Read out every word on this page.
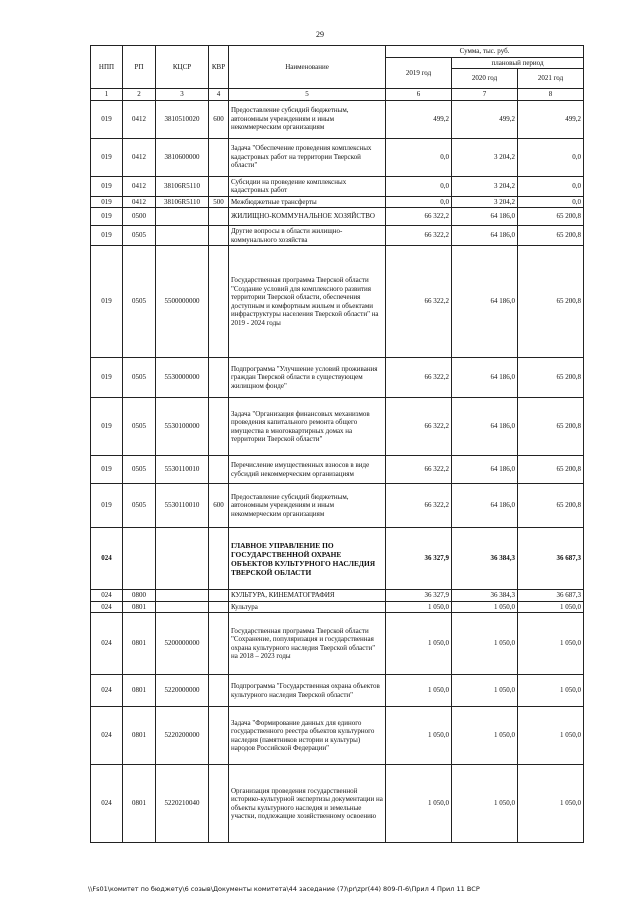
29
НПП	РП	КЦСР	КВР	Наименование	Сумма, тыс. руб.		
					2019 год	плановый период	
						2020 год	2021 год
1	2	3	4	5	6	7	8
019	0412	3810510020	600	Предоставление субсидий бюджетным, автономным учреждениям и иным некоммерческим организациям	499,2	499,2	499,2
019	0412	3810600000		Задача "Обеспечение проведения комплексных кадастровых работ на территории Тверской области"	0,0	3 204,2	0,0
019	0412	38106R5110		Субсидии на проведение комплексных кадастровых работ	0,0	3 204,2	0,0
019	0412	38106R5110	500	Межбюджетные трансферты	0,0	3 204,2	0,0
019	0500			ЖИЛИЩНО-КОММУНАЛЬНОЕ ХОЗЯЙСТВО	66 322,2	64 186,0	65 200,8
019	0505			Другие вопросы в области жилищно-коммунального хозяйства	66 322,2	64 186,0	65 200,8
019	0505	5500000000		Государственная программа Тверской области "Создание условий для комплексного развития территории Тверской области, обеспечения доступным и комфортным жильем и объектами инфраструктуры населения Тверской области" на 2019 - 2024 годы	66 322,2	64 186,0	65 200,8
019	0505	5530000000		Подпрограмма "Улучшение условий проживания граждан Тверской области в существующем жилищном фонде"	66 322,2	64 186,0	65 200,8
019	0505	5530100000		Задача "Организация финансовых механизмов проведения капитального ремонта общего имущества в многоквартирных домах на территории Тверской области"	66 322,2	64 186,0	65 200,8
019	0505	5530110010		Перечисление имущественных взносов в виде субсидий некоммерческим организациям	66 322,2	64 186,0	65 200,8
019	0505	5530110010	600	Предоставление субсидий бюджетным, автономным учреждениям и иным некоммерческим организациям	66 322,2	64 186,0	65 200,8
024				ГЛАВНОЕ УПРАВЛЕНИЕ ПО ГОСУДАРСТВЕННОЙ ОХРАНЕ ОБЪЕКТОВ КУЛЬТУРНОГО НАСЛЕДИЯ ТВЕРСКОЙ ОБЛАСТИ	36 327,9	36 384,3	36 687,3
024	0800			КУЛЬТУРА, КИНЕМАТОГРАФИЯ	36 327,9	36 384,3	36 687,3
024	0801			Культура	1 050,0	1 050,0	1 050,0
024	0801	5200000000		Государственная программа Тверской области "Сохранение, популяризация и государственная охрана культурного наследия Тверской области" на 2018 – 2023 годы	1 050,0	1 050,0	1 050,0
024	0801	5220000000		Подпрограмма "Государственная охрана объектов культурного наследия Тверской области"	1 050,0	1 050,0	1 050,0
024	0801	5220200000		Задача "Формирование данных для единого государственного реестра объектов культурного наследия (памятников истории и культуры) народов Российской Федерации"	1 050,0	1 050,0	1 050,0
024	0801	5220210040		Организация проведения государственной историко-культурной экспертизы документации на объекты культурного наследия и земельные участки, подлежащие хозяйственному освоению	1 050,0	1 050,0	1 050,0
\\Fs01\комитет по бюджету\6 созыв\Документы комитета\44 заседание (7)\pr\zpr(44) 809-П-6\Прил 4 Прил 11 ВСР
